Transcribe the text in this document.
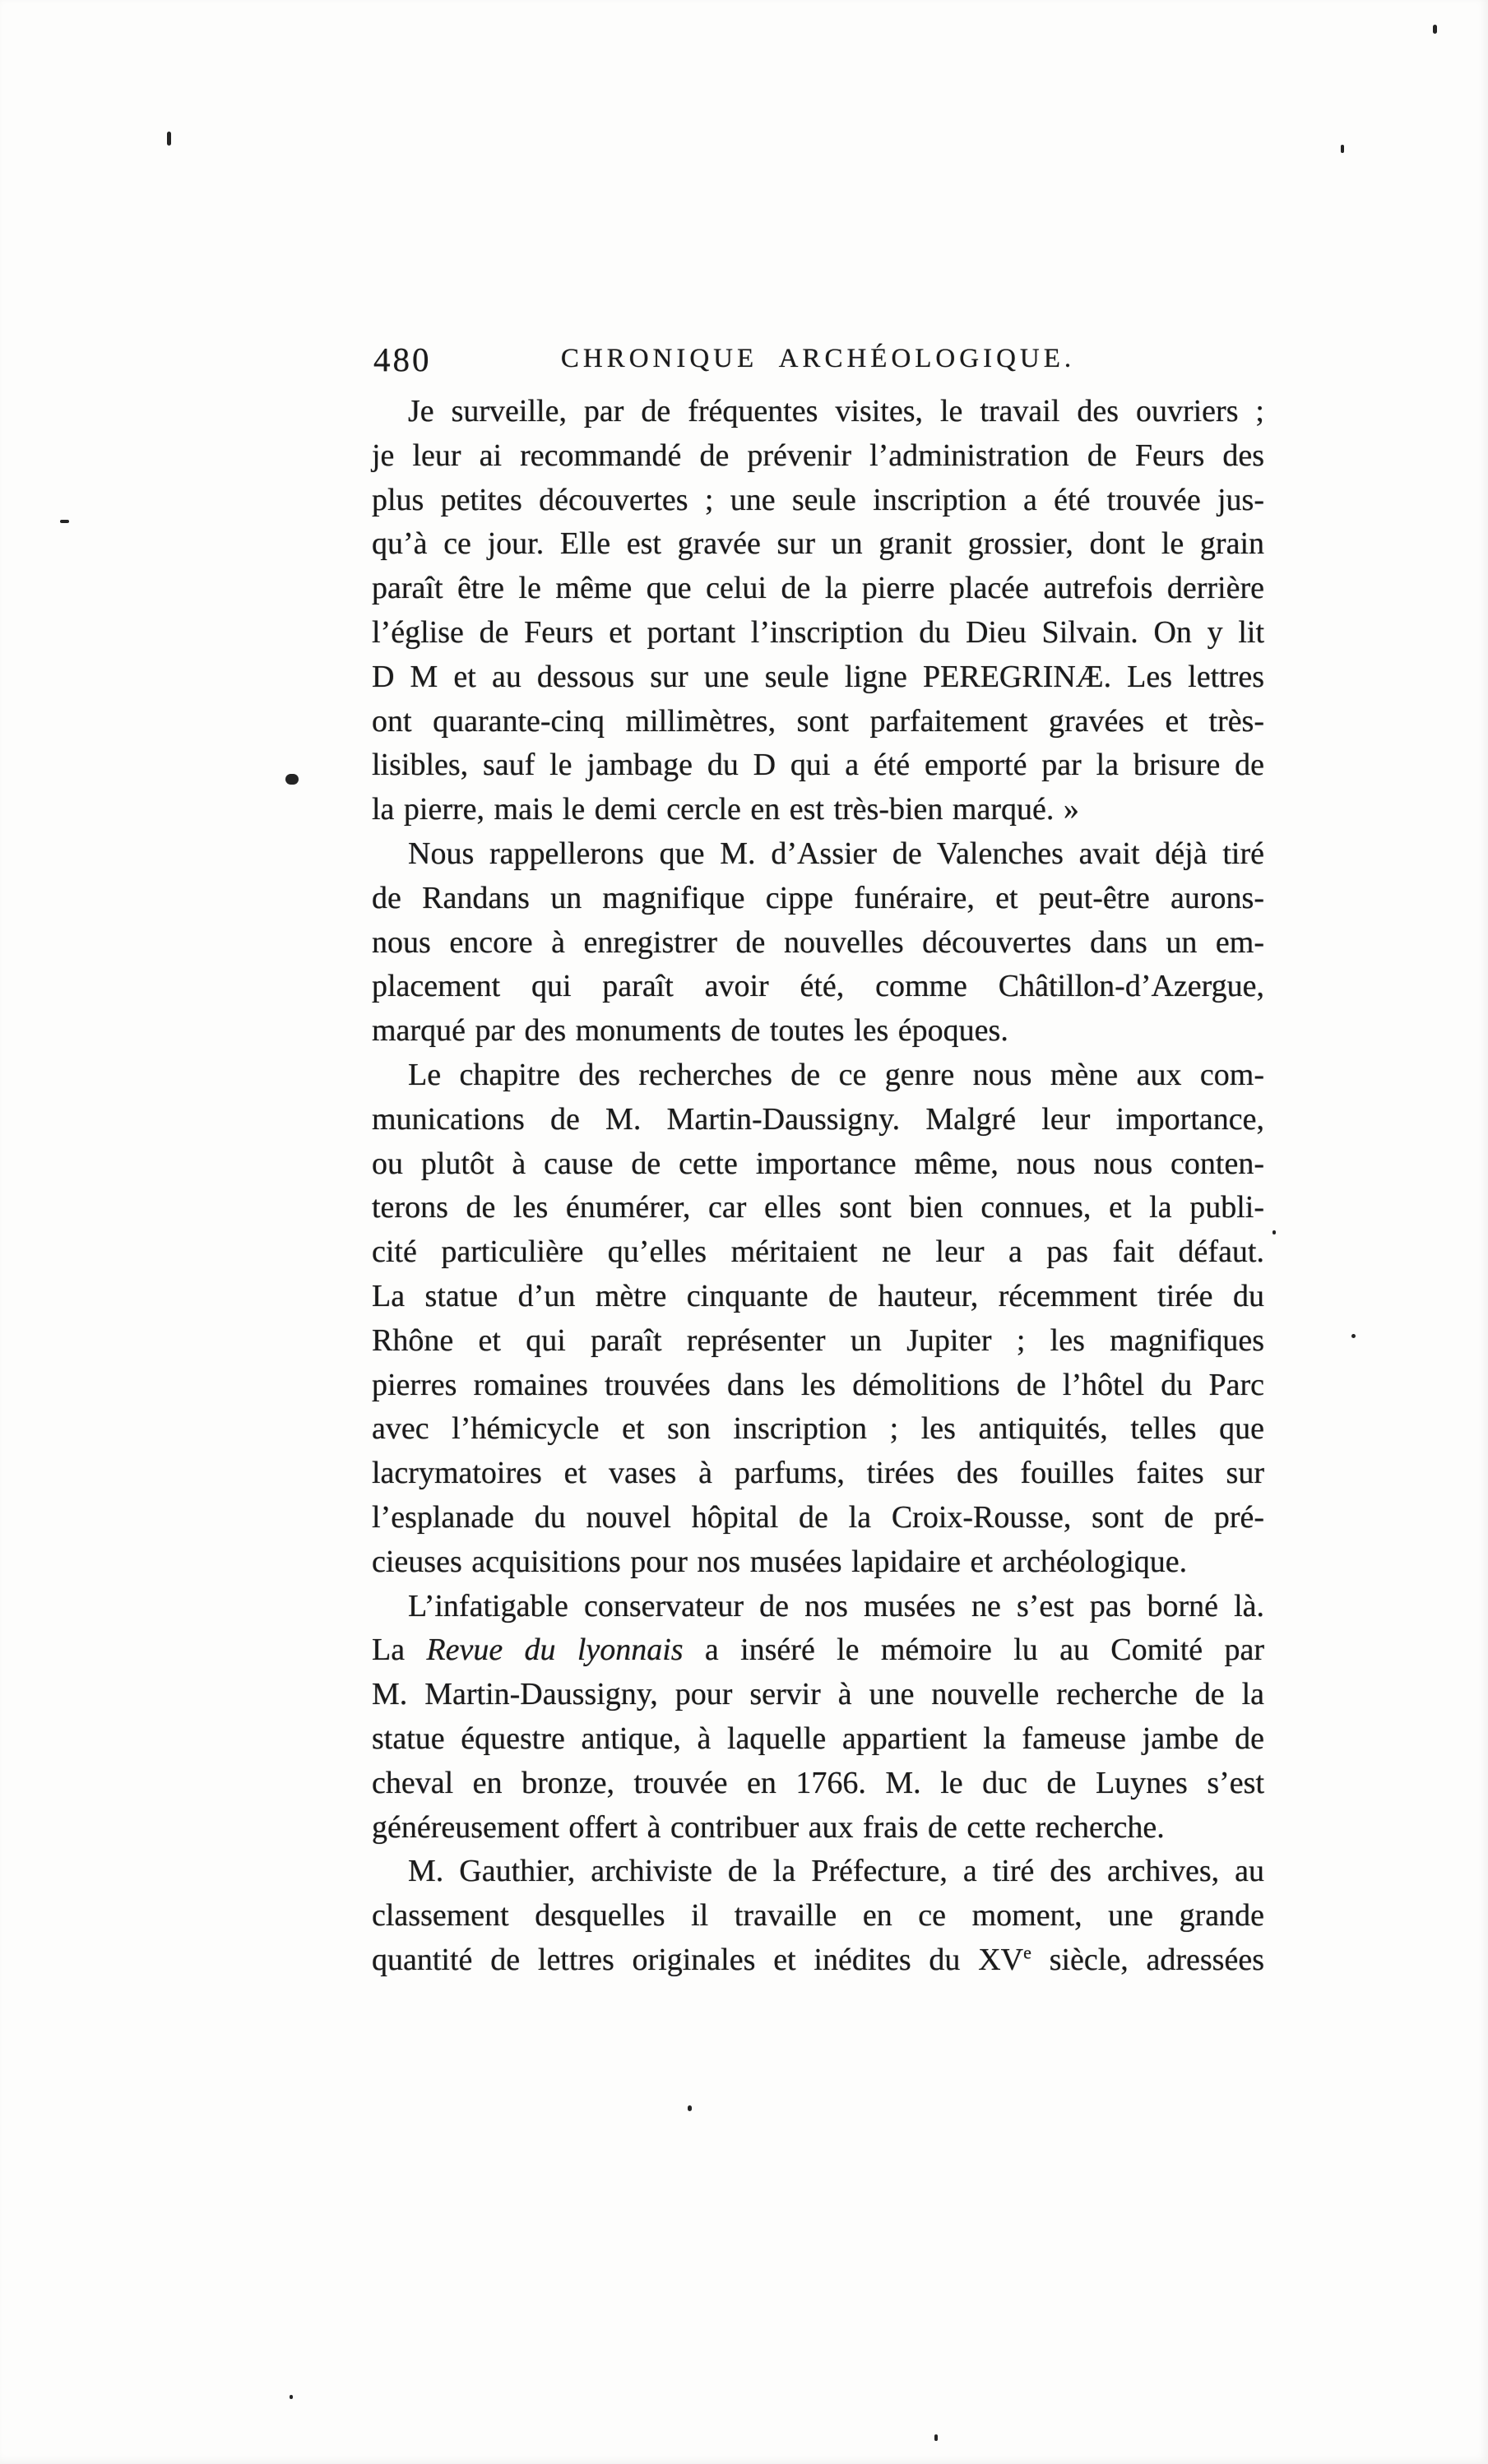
480	CHRONIQUE ARCHÉOLOGIQUE.
Je surveille, par de fréquentes visites, le travail des ouvriers ;
je leur ai recommandé de prévenir l’administration de Feurs des
plus petites découvertes ; une seule inscription a été trouvée jus-
qu’à ce jour. Elle est gravée sur un granit grossier, dont le grain
paraît être le même que celui de la pierre placée autrefois derrière
l’église de Feurs et portant l’inscription du Dieu Silvain. On y lit
D M et au dessous sur une seule ligne PEREGRINÆ. Les lettres
ont quarante-cinq millimètres, sont parfaitement gravées et très-
lisibles, sauf le jambage du D qui a été emporté par la brisure de
la pierre, mais le demi cercle en est très-bien marqué. »
Nous rappellerons que M. d’Assier de Valenches avait déjà tiré
de Randans un magnifique cippe funéraire, et peut-être aurons-
nous encore à enregistrer de nouvelles découvertes dans un em-
placement qui paraît avoir été, comme Châtillon-d’Azergue,
marqué par des monuments de toutes les époques.
Le chapitre des recherches de ce genre nous mène aux com-
munications de M. Martin-Daussigny. Malgré leur importance,
ou plutôt à cause de cette importance même, nous nous conten-
terons de les énumérer, car elles sont bien connues, et la publi-
cité particulière qu’elles méritaient ne leur a pas fait défaut.
La statue d’un mètre cinquante de hauteur, récemment tirée du
Rhône et qui paraît représenter un Jupiter ; les magnifiques
pierres romaines trouvées dans les démolitions de l’hôtel du Parc
avec l’hémicycle et son inscription ; les antiquités, telles que
lacrymatoires et vases à parfums, tirées des fouilles faites sur
l’esplanade du nouvel hôpital de la Croix-Rousse, sont de pré-
cieuses acquisitions pour nos musées lapidaire et archéologique.
L’infatigable conservateur de nos musées ne s’est pas borné là.
La Revue du lyonnais a inséré le mémoire lu au Comité par
M. Martin-Daussigny, pour servir à une nouvelle recherche de la
statue équestre antique, à laquelle appartient la fameuse jambe de
cheval en bronze, trouvée en 1766. M. le duc de Luynes s’est
généreusement offert à contribuer aux frais de cette recherche.
M. Gauthier, archiviste de la Préfecture, a tiré des archives, au
classement desquelles il travaille en ce moment, une grande
quantité de lettres originales et inédites du XVe siècle, adressées
